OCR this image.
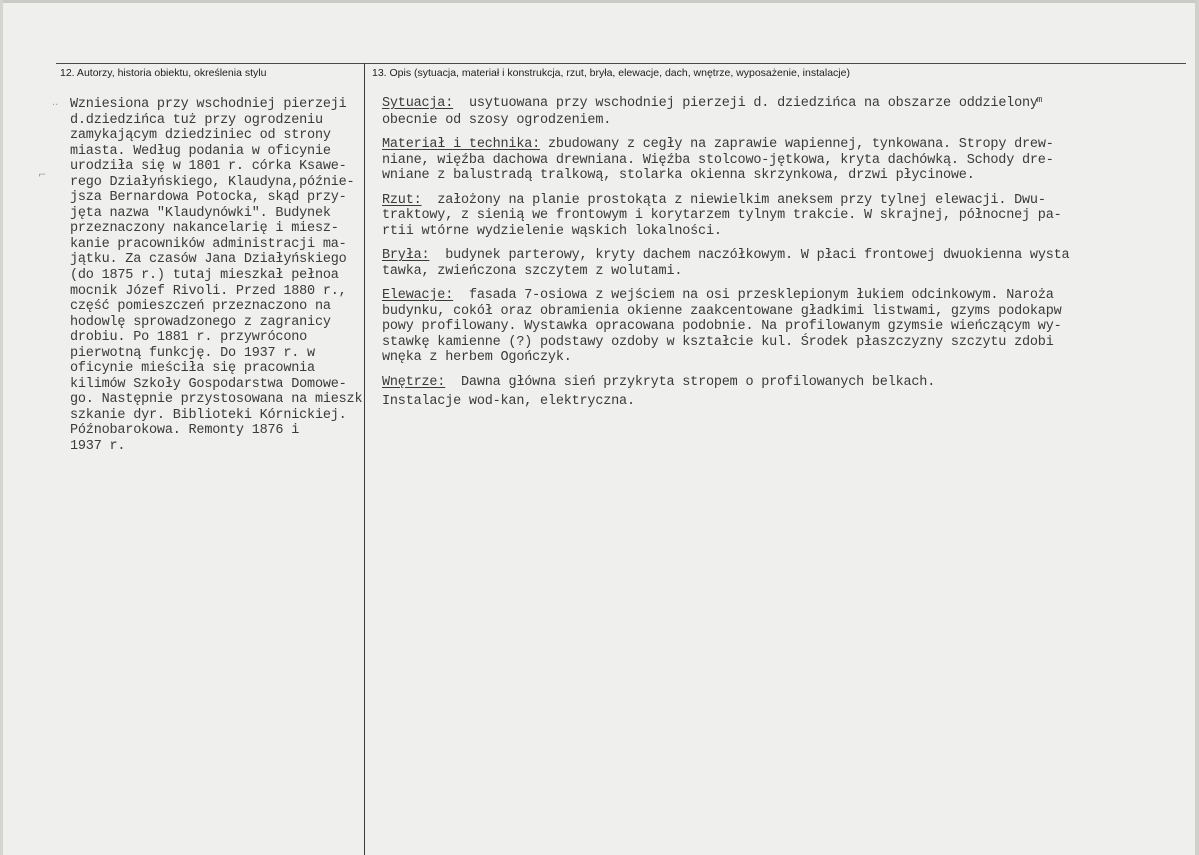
12. Autorzy, historia obiektu, określenia stylu	13. Opis (sytuacja, materiał i konstrukcja, rzut, bryła, elewacje, dach, wnętrze, wyposażenie, instalacje)
··
⌐
Wzniesiona przy wschodniej pierzeji
d.dziedzińca tuż przy ogrodzeniu
zamykającym dziedziniec od strony
miasta. Według podania w oficynie
urodziła się w 1801 r. córka Ksawe-
rego Działyńskiego, Klaudyna,późnie-
jsza Bernardowa Potocka, skąd przy-
jęta nazwa "Klaudynówki". Budynek
przeznaczony nakancelarię i miesz-
kanie pracowników administracji ma-
jątku. Za czasów Jana Działyńskiego
(do 1875 r.) tutaj mieszkał pełnoa
mocnik Józef Rivoli. Przed 1880 r.,
część pomieszczeń przeznaczono na
hodowlę sprowadzonego z zagranicy
drobiu. Po 1881 r. przywrócono
pierwotną funkcję. Do 1937 r. w
oficynie mieściła się pracownia
kilimów Szkoły Gospodarstwa Domowe-
go. Następnie przystosowana na mieszk
szkanie dyr. Biblioteki Kórnickiej.
Późnobarokowa. Remonty 1876 i
1937 r.
Sytuacja: usytuowana przy wschodniej pierzeji d. dziedzińca na obszarze oddzielony$^m$
obecnie od szosy ogrodzeniem.
Materiał i technika: zbudowany z cegły na zaprawie wapiennej, tynkowana. Stropy drew-
niane, więźba dachowa drewniana. Więźba stolcowo-jętkowa, kryta dachówką. Schody dre-
wniane z balustradą tralkową, stolarka okienna skrzynkowa, drzwi płycinowe.
Rzut: założony na planie prostokąta z niewielkim aneksem przy tylnej elewacji. Dwu-
traktowy, z sienią we frontowym i korytarzem tylnym trakcie. W skrajnej, północnej pa-
rtii wtórne wydzielenie wąskich lokalności.
Bryła: budynek parterowy, kryty dachem naczółkowym. W płaci frontowej dwuokienna wysta
tawka, zwieńczona szczytem z wolutami.
Elewacje: fasada 7-osiowa z wejściem na osi przesklepionym łukiem odcinkowym. Naroża
budynku, cokół oraz obramienia okienne zaakcentowane gładkimi listwami, gzyms podokapw
powy profilowany. Wystawka opracowana podobnie. Na profilowanym gzymsie wieńczącym wy-
stawkę kamienne (?) podstawy ozdoby w kształcie kul. Środek płaszczyzny szczytu zdobi
wnęka z herbem Ogończyk.
Wnętrze: Dawna główna sień przykryta stropem o profilowanych belkach.
Instalacje wod-kan, elektryczna.
